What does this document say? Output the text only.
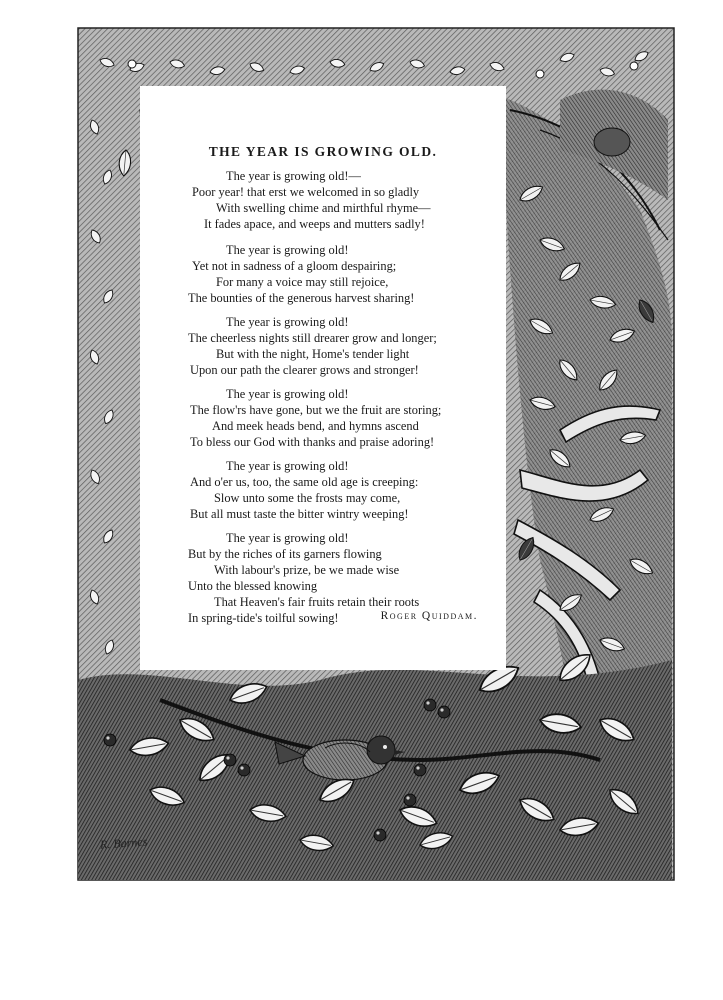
THE YEAR IS GROWING OLD.
The year is growing old!—
Poor year! that erst we welcomed in so gladly
With swelling chime and mirthful rhyme—
It fades apace, and weeps and mutters sadly!
The year is growing old!
Yet not in sadness of a gloom despairing;
For many a voice may still rejoice,
The bounties of the generous harvest sharing!
The year is growing old!
The cheerless nights still drearer grow and longer;
But with the night, Home's tender light
Upon our path the clearer grows and stronger!
The year is growing old!
The flow'rs have gone, but we the fruit are storing;
And meek heads bend, and hymns ascend
To bless our God with thanks and praise adoring!
The year is growing old!
And o'er us, too, the same old age is creeping:
Slow unto some the frosts may come,
But all must taste the bitter wintry weeping!
The year is growing old!
But by the riches of its garners flowing
With labour's prize, be we made wise
Unto the blessed knowing
That Heaven's fair fruits retain their roots
In spring-tide's toilful sowing!	Roger Quiddam.
R. Barnes
